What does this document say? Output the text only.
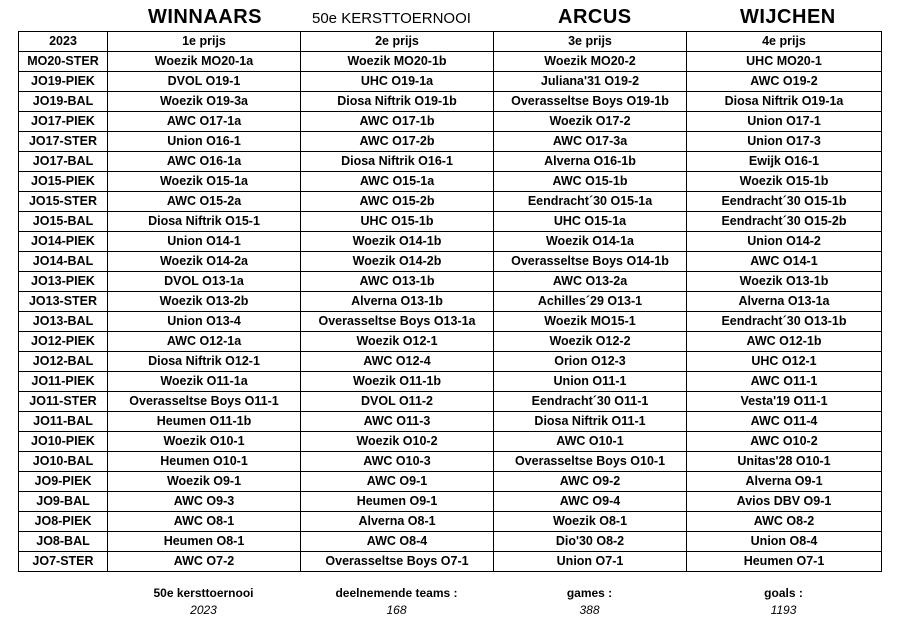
WINNAARS	50e KERSTTOERNOOI	ARCUS	WIJCHEN
2023	1e prijs	2e prijs	3e prijs	4e prijs
MO20-STER	Woezik MO20-1a	Woezik MO20-1b	Woezik MO20-2	UHC MO20-1
JO19-PIEK	DVOL O19-1	UHC O19-1a	Juliana'31 O19-2	AWC O19-2
JO19-BAL	Woezik O19-3a	Diosa Niftrik O19-1b	Overasseltse Boys O19-1b	Diosa Niftrik O19-1a
JO17-PIEK	AWC O17-1a	AWC O17-1b	Woezik O17-2	Union O17-1
JO17-STER	Union O16-1	AWC O17-2b	AWC O17-3a	Union O17-3
JO17-BAL	AWC O16-1a	Diosa Niftrik O16-1	Alverna O16-1b	Ewijk O16-1
JO15-PIEK	Woezik O15-1a	AWC O15-1a	AWC O15-1b	Woezik O15-1b
JO15-STER	AWC O15-2a	AWC O15-2b	Eendracht´30 O15-1a	Eendracht´30 O15-1b
JO15-BAL	Diosa Niftrik O15-1	UHC O15-1b	UHC O15-1a	Eendracht´30 O15-2b
JO14-PIEK	Union O14-1	Woezik O14-1b	Woezik O14-1a	Union O14-2
JO14-BAL	Woezik O14-2a	Woezik O14-2b	Overasseltse Boys O14-1b	AWC O14-1
JO13-PIEK	DVOL O13-1a	AWC O13-1b	AWC O13-2a	Woezik O13-1b
JO13-STER	Woezik O13-2b	Alverna O13-1b	Achilles´29 O13-1	Alverna O13-1a
JO13-BAL	Union O13-4	Overasseltse Boys O13-1a	Woezik MO15-1	Eendracht´30 O13-1b
JO12-PIEK	AWC O12-1a	Woezik O12-1	Woezik O12-2	AWC O12-1b
JO12-BAL	Diosa Niftrik O12-1	AWC O12-4	Orion O12-3	UHC O12-1
JO11-PIEK	Woezik O11-1a	Woezik O11-1b	Union O11-1	AWC O11-1
JO11-STER	Overasseltse Boys O11-1	DVOL O11-2	Eendracht´30 O11-1	Vesta'19 O11-1
JO11-BAL	Heumen O11-1b	AWC O11-3	Diosa Niftrik O11-1	AWC O11-4
JO10-PIEK	Woezik O10-1	Woezik O10-2	AWC O10-1	AWC O10-2
JO10-BAL	Heumen O10-1	AWC O10-3	Overasseltse Boys O10-1	Unitas'28 O10-1
JO9-PIEK	Woezik O9-1	AWC O9-1	AWC O9-2	Alverna O9-1
JO9-BAL	AWC O9-3	Heumen O9-1	AWC O9-4	Avios DBV O9-1
JO8-PIEK	AWC O8-1	Alverna O8-1	Woezik O8-1	AWC O8-2
JO8-BAL	Heumen O8-1	AWC O8-4	Dio'30 O8-2	Union O8-4
JO7-STER	AWC O7-2	Overasseltse Boys O7-1	Union O7-1	Heumen O7-1
50e kersttoernooi	deelnemende teams :	games :	goals :
2023	168	388	1193
